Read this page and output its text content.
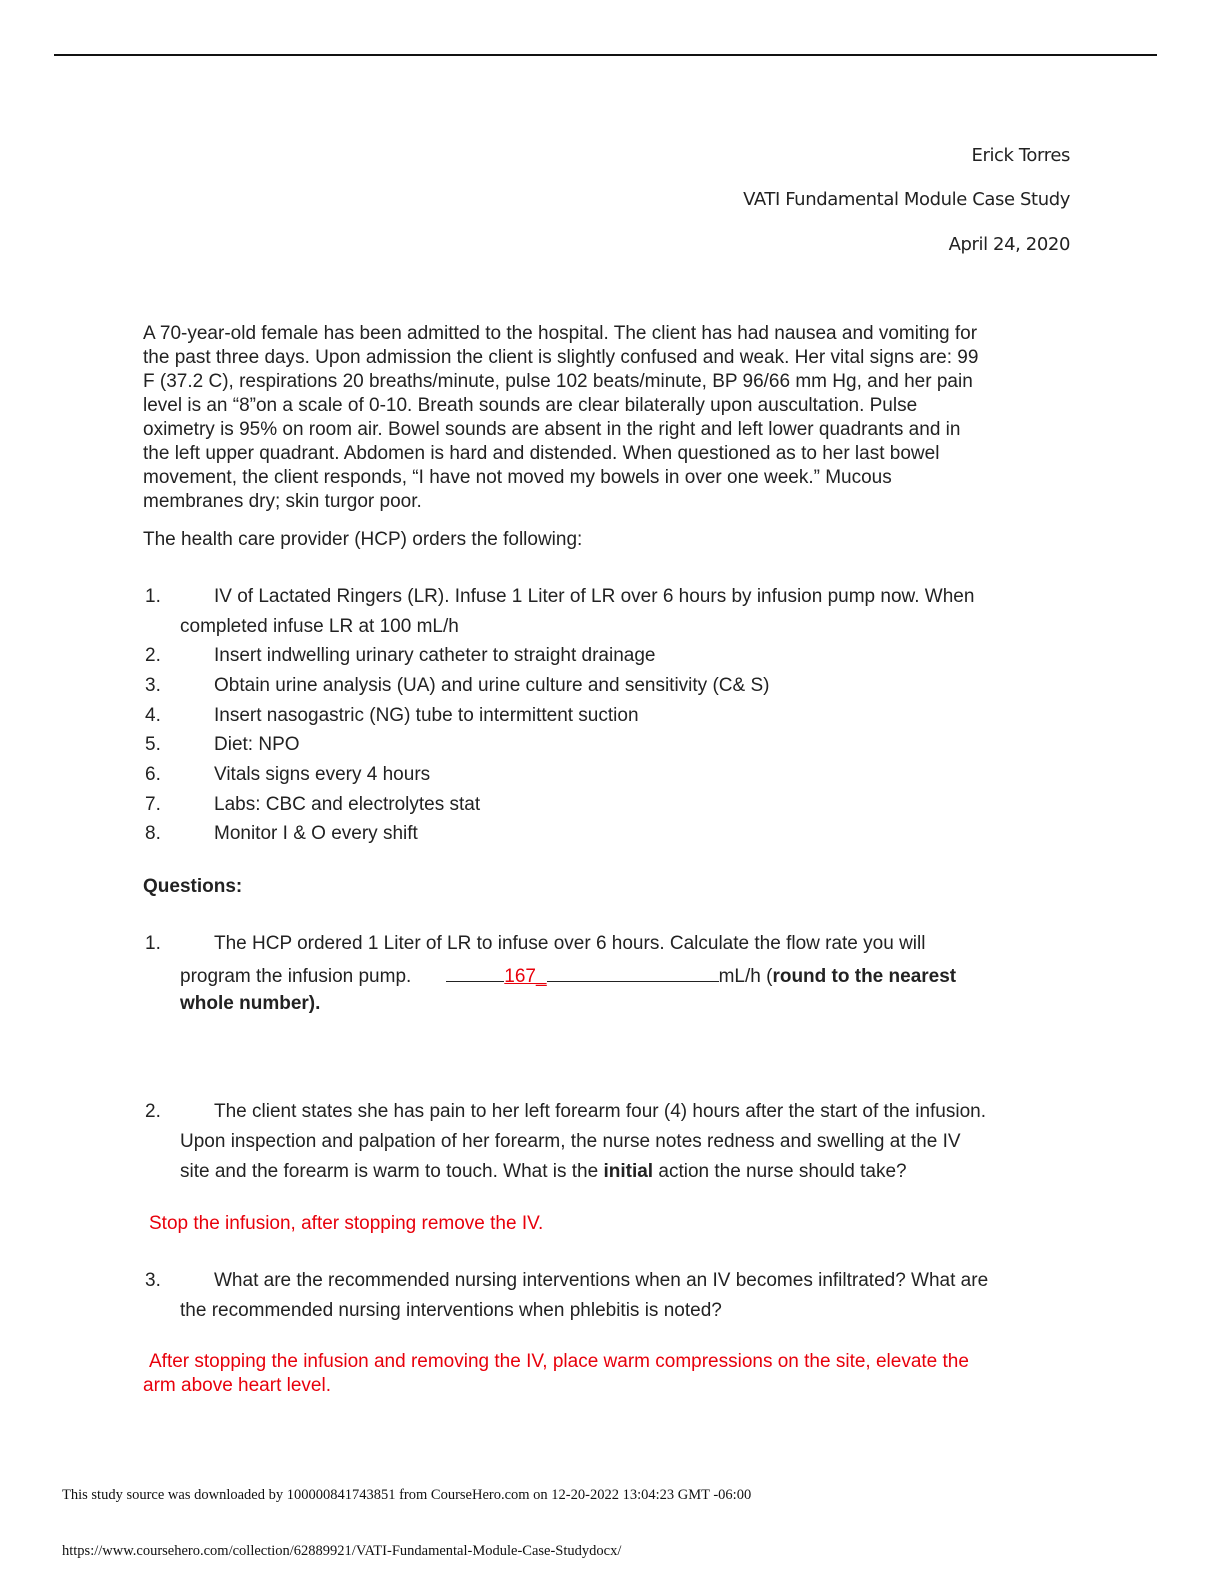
Erick Torres
VATI Fundamental Module Case Study
April 24, 2020
A 70-year-old female has been admitted to the hospital. The client has had nausea and vomiting for
the past three days. Upon admission the client is slightly confused and weak. Her vital signs are: 99
F (37.2 C), respirations 20 breaths/minute, pulse 102 beats/minute, BP 96/66 mm Hg, and her pain
level is an “8”on a scale of 0-10. Breath sounds are clear bilaterally upon auscultation. Pulse
oximetry is 95% on room air. Bowel sounds are absent in the right and left lower quadrants and in
the left upper quadrant. Abdomen is hard and distended. When questioned as to her last bowel
movement, the client responds, “I have not moved my bowels in over one week.” Mucous
membranes dry; skin turgor poor.
The health care provider (HCP) orders the following:
1.	IV of Lactated Ringers (LR). Infuse 1 Liter of LR over 6 hours by infusion pump now. When
completed infuse LR at 100 mL/h
2.	Insert indwelling urinary catheter to straight drainage
3.	Obtain urine analysis (UA) and urine culture and sensitivity (C& S)
4.	Insert nasogastric (NG) tube to intermittent suction
5.	Diet: NPO
6.	Vitals signs every 4 hours
7.	Labs: CBC and electrolytes stat
8.	Monitor I & O every shift
Questions:
1.	The HCP ordered 1 Liter of LR to infuse over 6 hours. Calculate the flow rate you will
program the infusion pump.	167_	mL/h (round to the nearest
whole number).
2.	The client states she has pain to her left forearm four (4) hours after the start of the infusion.
Upon inspection and palpation of her forearm, the nurse notes redness and swelling at the IV
site and the forearm is warm to touch. What is the initial action the nurse should take?
Stop the infusion, after stopping remove the IV.
3.	What are the recommended nursing interventions when an IV becomes infiltrated? What are
the recommended nursing interventions when phlebitis is noted?
After stopping the infusion and removing the IV, place warm compressions on the site, elevate the
arm above heart level.
This study source was downloaded by 100000841743851 from CourseHero.com on 12-20-2022 13:04:23 GMT -06:00
https://www.coursehero.com/collection/62889921/VATI-Fundamental-Module-Case-Studydocx/
